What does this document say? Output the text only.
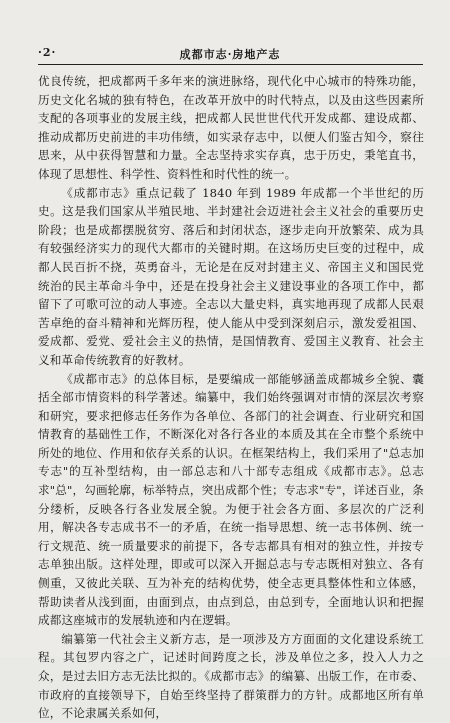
·2·	成都市志·房地产志

优良传统，把成都两千多年来的演进脉络，现代化中心城市的特殊功能，历史文化名城的独有特色，在改革开放中的时代特点，以及由这些因素所支配的各项事业的发展主线，把成都人民世世代代开发成都、建设成都、推动成都历史前进的丰功伟绩，如实录存志中，以便人们鉴古知今，察往思来，从中获得智慧和力量。全志坚持求实存真，忠于历史，秉笔直书，体现了思想性、科学性、资料性和时代性的统一。

《成都市志》重点记载了 1840 年到 1989 年成都一个半世纪的历史。这是我们国家从半殖民地、半封建社会迈进社会主义社会的重要历史阶段；也是成都摆脱贫穷、落后和封闭状态，逐步走向开放繁荣、成为具有较强经济实力的现代大都市的关键时期。在这场历史巨变的过程中，成都人民百折不挠，英勇奋斗，无论是在反对封建主义、帝国主义和国民党统治的民主革命斗争中，还是在投身社会主义建设事业的各项工作中，都留下了可歌可泣的动人事迹。全志以大量史料，真实地再现了成都人民艰苦卓绝的奋斗精神和光辉历程，使人能从中受到深刻启示，激发爱祖国、爱成都、爱党、爱社会主义的热情，是国情教育、爱国主义教育、社会主义和革命传统教育的好教材。

《成都市志》的总体目标，是要编成一部能够涵盖成都城乡全貌、囊括全部市情资料的科学著述。编纂中，我们始终强调对市情的深层次考察和研究，要求把修志任务作为各单位、各部门的社会调查、行业研究和国情教育的基础性工作，不断深化对各行各业的本质及其在全市整个系统中所处的地位、作用和依存关系的认识。在框架结构上，我们采用了"总志加专志"的互补型结构，由一部总志和八十部专志组成《成都市志》。总志求"总"，勾画轮廓，标举特点，突出成都个性；专志求"专"，详述百业，条分缕析，反映各行各业发展全貌。为便于社会各方面、多层次的广泛利用，解决各专志成书不一的矛盾，在统一指导思想、统一志书体例、统一行文规范、统一质量要求的前提下，各专志都具有相对的独立性，并按专志单独出版。这样处理，即或可以深入开掘总志与专志既相对独立、各有侧重，又彼此关联、互为补充的结构优势，使全志更具整体性和立体感，帮助读者从浅到面，由面到点，由点到总，由总到专，全面地认识和把握成都这座城市的发展轨迹和内在逻辑。

编纂第一代社会主义新方志，是一项涉及方方面面的文化建设系统工程。其包罗内容之广，记述时间跨度之长，涉及单位之多，投入人力之众，是过去旧方志无法比拟的。《成都市志》的编纂、出版工作，在市委、市政府的直接领导下，自始至终坚持了群策群力的方针。成都地区所有单位，不论隶属关系如何，
